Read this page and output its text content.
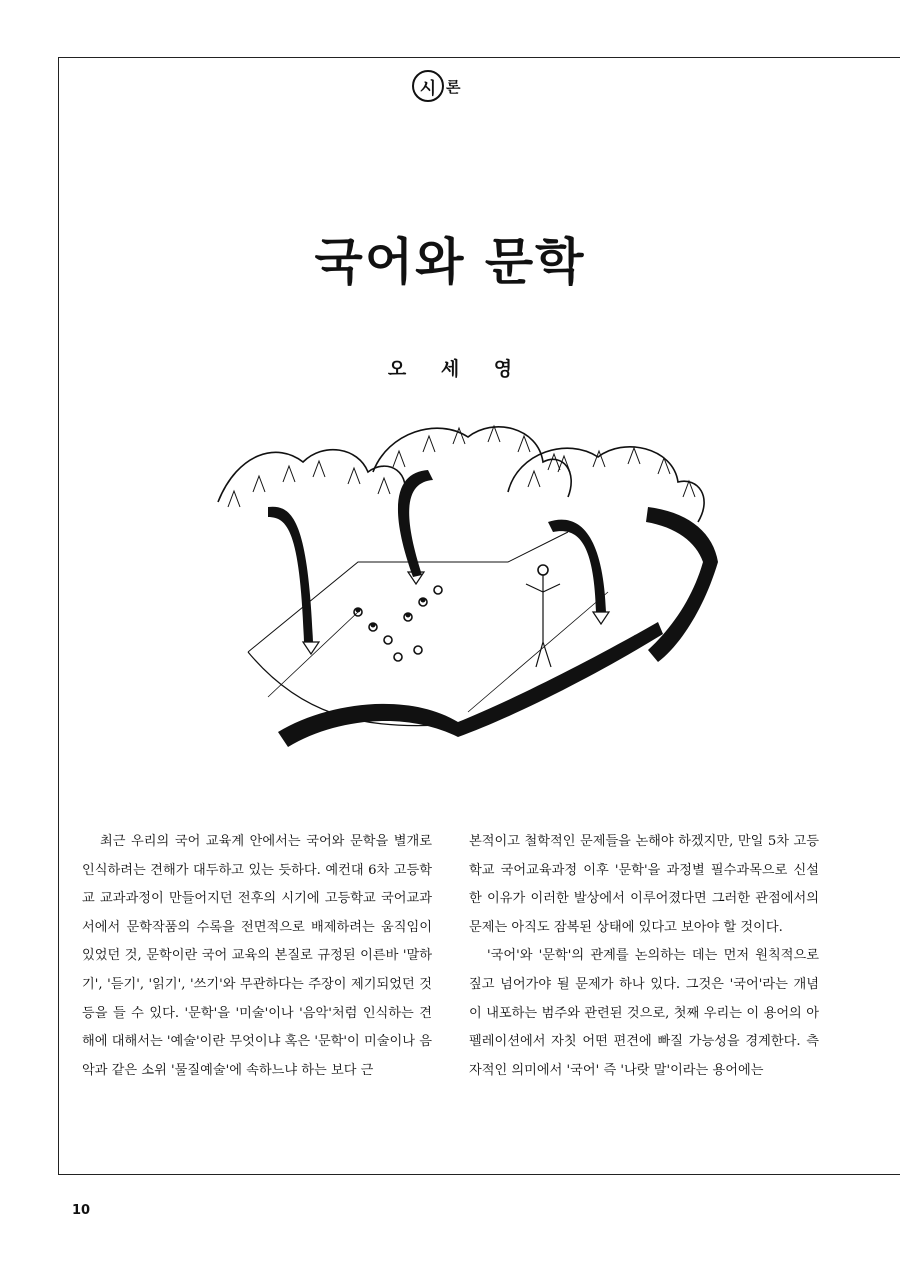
시 론
국어와 문학
오 세 영

최근 우리의 국어 교육계 안에서는 국어와 문학을 별개로 인식하려는 견해가 대두하고 있는 듯하다. 예컨대 6차 고등학교 교과과정이 만들어지던 전후의 시기에 고등학교 국어교과서에서 문학작품의 수록을 전면적으로 배제하려는 움직임이 있었던 것, 문학이란 국어 교육의 본질로 규정된 이른바 '말하기', '듣기', '읽기', '쓰기'와 무관하다는 주장이 제기되었던 것 등을 들 수 있다. '문학'을 '미술'이나 '음악'처럼 인식하는 견해에 대해서는 '예술'이란 무엇이냐 혹은 '문학'이 미술이나 음악과 같은 소위 '물질예술'에 속하느냐 하는 보다 근

본적이고 철학적인 문제들을 논해야 하겠지만, 만일 5차 고등학교 국어교육과정 이후 '문학'을 과정별 필수과목으로 신설한 이유가 이러한 발상에서 이루어졌다면 그러한 관점에서의 문제는 아직도 잠복된 상태에 있다고 보아야 할 것이다.

'국어'와 '문학'의 관계를 논의하는 데는 먼저 원칙적으로 짚고 넘어가야 될 문제가 하나 있다. 그것은 '국어'라는 개념이 내포하는 범주와 관련된 것으로, 첫째 우리는 이 용어의 아펠레이션에서 자칫 어떤 편견에 빠질 가능성을 경계한다. 측자적인 의미에서 '국어' 즉 '나랏 말'이라는 용어에는

10
